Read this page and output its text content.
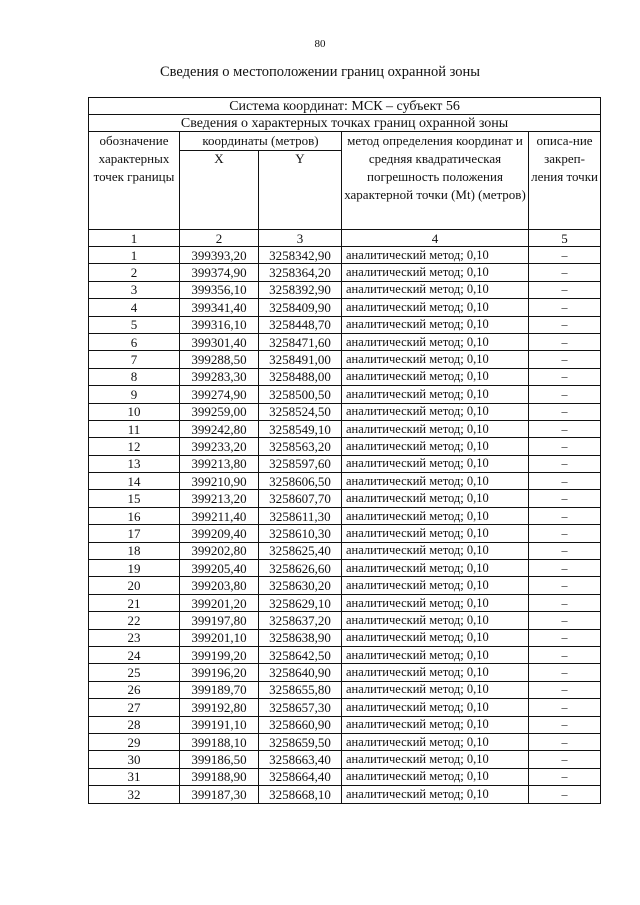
80
Сведения о местоположении границ охранной зоны
Система координат: МСК – субъект 56				
Сведения о характерных точках границ охранной зоны				
обозначение характерных точек границы	координаты (метров)		метод определения координат и средняя квадратическая погрешность положения характерной точки (Mt) (метров)	описа-ние закреп-ления точки
	X	Y		
1	2	3	4	5
1	399393,20	3258342,90	аналитический метод; 0,10	–
2	399374,90	3258364,20	аналитический метод; 0,10	–
3	399356,10	3258392,90	аналитический метод; 0,10	–
4	399341,40	3258409,90	аналитический метод; 0,10	–
5	399316,10	3258448,70	аналитический метод; 0,10	–
6	399301,40	3258471,60	аналитический метод; 0,10	–
7	399288,50	3258491,00	аналитический метод; 0,10	–
8	399283,30	3258488,00	аналитический метод; 0,10	–
9	399274,90	3258500,50	аналитический метод; 0,10	–
10	399259,00	3258524,50	аналитический метод; 0,10	–
11	399242,80	3258549,10	аналитический метод; 0,10	–
12	399233,20	3258563,20	аналитический метод; 0,10	–
13	399213,80	3258597,60	аналитический метод; 0,10	–
14	399210,90	3258606,50	аналитический метод; 0,10	–
15	399213,20	3258607,70	аналитический метод; 0,10	–
16	399211,40	3258611,30	аналитический метод; 0,10	–
17	399209,40	3258610,30	аналитический метод; 0,10	–
18	399202,80	3258625,40	аналитический метод; 0,10	–
19	399205,40	3258626,60	аналитический метод; 0,10	–
20	399203,80	3258630,20	аналитический метод; 0,10	–
21	399201,20	3258629,10	аналитический метод; 0,10	–
22	399197,80	3258637,20	аналитический метод; 0,10	–
23	399201,10	3258638,90	аналитический метод; 0,10	–
24	399199,20	3258642,50	аналитический метод; 0,10	–
25	399196,20	3258640,90	аналитический метод; 0,10	–
26	399189,70	3258655,80	аналитический метод; 0,10	–
27	399192,80	3258657,30	аналитический метод; 0,10	–
28	399191,10	3258660,90	аналитический метод; 0,10	–
29	399188,10	3258659,50	аналитический метод; 0,10	–
30	399186,50	3258663,40	аналитический метод; 0,10	–
31	399188,90	3258664,40	аналитический метод; 0,10	–
32	399187,30	3258668,10	аналитический метод; 0,10	–
